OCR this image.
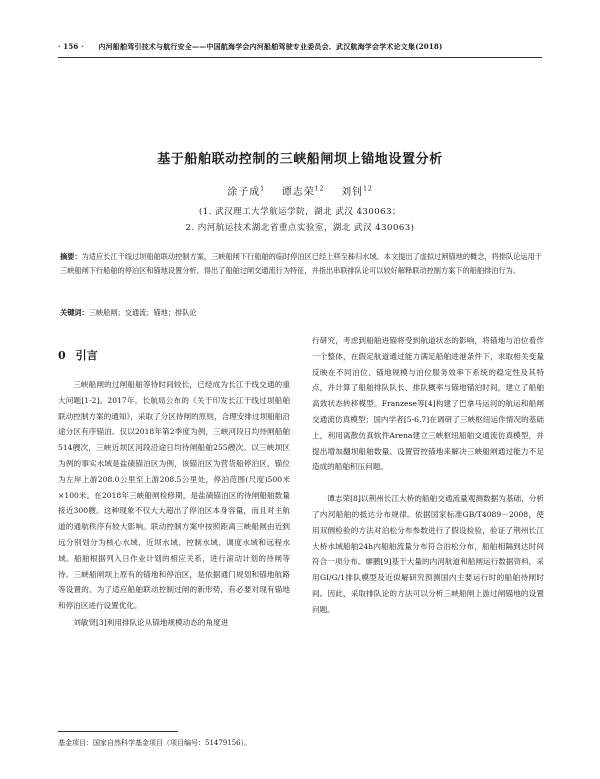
· 156 · 内河船舶驾引技术与航行安全——中国航海学会内河船舶驾驶专业委员会、武汉航海学会学术论文集(2018)
基于船舶联动控制的三峡船闸坝上锚地设置分析
涂子成$^1$ 谭志荣$^{12}$ 刘钊$^{12}$
(1. 武汉理工大学航运学院，湖北 武汉 430063；
2. 内河航运技术湖北省重点实验室，湖北 武汉 430063)
摘要：为适应长江干线过坝船舶联动控制方案，三峡船闸下行船舶的临时停泊区已经上移至秭归水域。本文提出了虚拟过闸锚地的概念，将排队论运用于三峡船闸下行船舶的停泊区和锚地设置分析，得出了船舶过闸交通流行为特征，并指出串联排队论可以较好解释联动控制方案下的船舶排泊行为。
关键词：三峡船闸；交通流；锚地；排队论
0 引言

三峡船闸的过闸船舶等待时间较长，已经成为长江干线交通的重大问题[1-2]。2017年，长航局公布的《关于印发长江干线过坝船舶联动控制方案的通知》，采取了分区待闸的原则，合理安排过坝船舶沿途分区有序锚泊。仅以2018年第2季度为例，三峡河段日均待闸船舶514艘次，三峡近坝区河段沿途日均待闸船舶255艘次。以三峡坝区为例的事实水域是盐碛锚泊区为例，该锚泊区为营货船停泊区，锚位为左岸上游208.0公里至上游208.5公里处，停泊范围(尺度)500米×100米。在2018年三峡船闸检修期，是盐碛锚泊区的待闸船舶数量接近300艘。这种现象不仅大大超出了停泊区本身容量，而且对主航道的通航秩序有较大影响。联动控制方案中按照距离三峡船闸由近到远分别划分为核心水域、近坝水域、控制水域、调度水域和远程水域。船舶根据列入日作业计划的相应关系，进行滚动计划的待闸等待。三峡船闸坝上原有的锚地和停泊区，是依据通门规划和锚地航路等设置的。为了适应船舶联动控制过闸的新形势，有必要对现有锚地和停泊区进行设置优化。

刘敏贤[3]利用排队论从锚地规模动态的角度进

行研究，考虑到船舶进锚将受到航道状态的影响，将锚地与泊位看作一个整体，在假定航道通过能力满足船舶进港条件下，求取相关变量反映在不同泊位、锚地规模与泊位服务效率下系统的稳定性及其特点，并计算了船舶排队队长、排队概率与锚地锚泊时间，建立了船舶高效状态转移模型。Franzese等[4]构建了巴拿马运河的航运和船闸交通流仿真模型；国内学者[5-6,7]在调研了三峡枢纽运作情况的基础上，利用离散仿真软件Arena建立三峡枢纽船舶交通流仿真模型，并提出增加翻坝船舶数量、设置管控锚地来解决三峡船闸通过能力不足造成的船舶积压问题。

谭志荣[8]以荆州长江大桥的船舶交通流量观测数据为基础，分析了内河船舶的抵达分布规律。依据国家标准GB/T4089－2008，使用双侧检验的方法对泊松分布参数进行了假设检验，验证了荆州长江大桥水域船舶24h内船舶流量分布符合泊松分布，船舶相隔到达时间符合一项分布。廖鹏[9]基于大量的内河航道和船闸运行数据资料，采用GI/G/1排队模型及近似解研究预测国内主要运行时的船舶待闸时间。因此，采取排队论的方法可以分析三峡船闸上游过闸锚地的设置问题。

基金项目：国家自然科学基金项目（项目编号：51479156）。
